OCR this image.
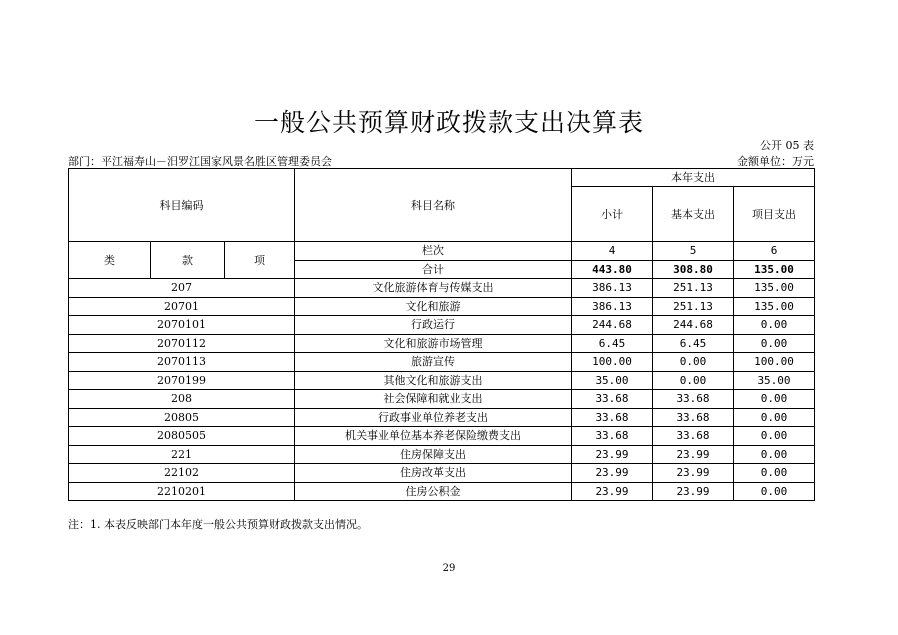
一般公共预算财政拨款支出决算表
公开 05 表
部门：平江福寿山－汨罗江国家风景名胜区管理委员会	金额单位：万元
科目编码			科目名称	本年支出		
				小计	基本支出	项目支出
类	款	项	栏次	4	5	6
			合计	443.80	308.80	135.00
207			文化旅游体育与传媒支出	386.13	251.13	135.00
20701			文化和旅游	386.13	251.13	135.00
2070101			行政运行	244.68	244.68	0.00
2070112			文化和旅游市场管理	6.45	6.45	0.00
2070113			旅游宣传	100.00	0.00	100.00
2070199			其他文化和旅游支出	35.00	0.00	35.00
208			社会保障和就业支出	33.68	33.68	0.00
20805			行政事业单位养老支出	33.68	33.68	0.00
2080505			机关事业单位基本养老保险缴费支出	33.68	33.68	0.00
221			住房保障支出	23.99	23.99	0.00
22102			住房改革支出	23.99	23.99	0.00
2210201			住房公积金	23.99	23.99	0.00
注：1. 本表反映部门本年度一般公共预算财政拨款支出情况。
29
